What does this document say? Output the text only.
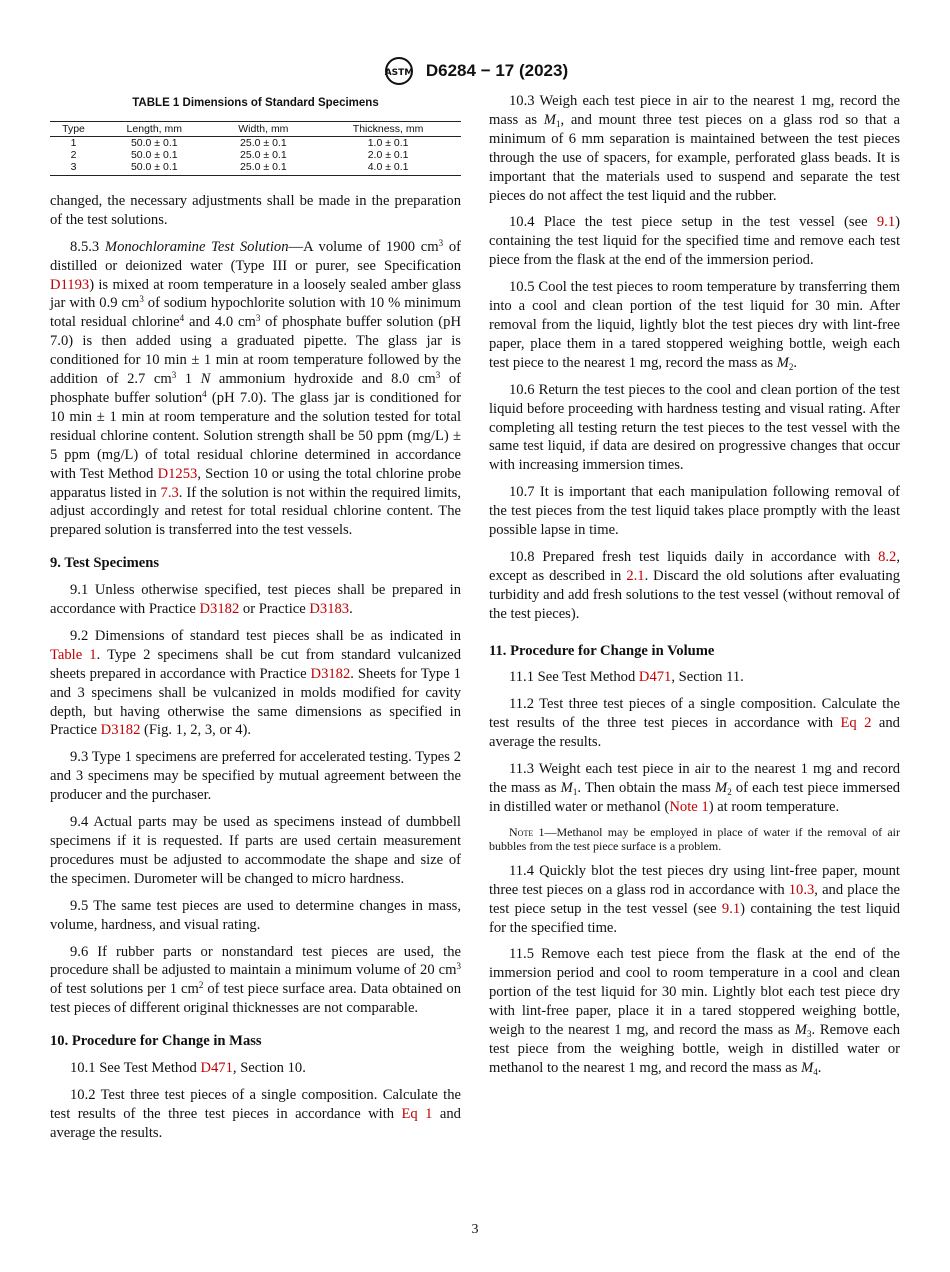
ASTM D6284 − 17 (2023)
TABLE 1 Dimensions of Standard Specimens
Type	Length, mm	Width, mm	Thickness, mm
1	50.0 ± 0.1	25.0 ± 0.1	1.0 ± 0.1
2	50.0 ± 0.1	25.0 ± 0.1	2.0 ± 0.1
3	50.0 ± 0.1	25.0 ± 0.1	4.0 ± 0.1

changed, the necessary adjustments shall be made in the preparation of the test solutions.

8.5.3 Monochloramine Test Solution—A volume of 1900 $cm^3$ of distilled or deionized water (Type III or purer, see Specification D1193) is mixed at room temperature in a loosely sealed amber glass jar with 0.9 $cm^3$ of sodium hypochlorite solution with 10 % minimum total residual chlorine$^4$ and 4.0 $cm^3$ of phosphate buffer solution (pH 7.0) is then added using a graduated pipette. The glass jar is conditioned for 10 min ± 1 min at room temperature followed by the addition of 2.7 $cm^3$ 1 N ammonium hydroxide and 8.0 $cm^3$ of phosphate buffer solution$^4$ (pH 7.0). The glass jar is conditioned for 10 min ± 1 min at room temperature and the solution tested for total residual chlorine content. Solution strength shall be 50 ppm (mg/L) ± 5 ppm (mg/L) of total residual chlorine determined in accordance with Test Method D1253, Section 10 or using the total chlorine probe apparatus listed in 7.3. If the solution is not within the required limits, adjust accordingly and retest for total residual chlorine content. The prepared solution is transferred into the test vessels.

9. Test Specimens

9.1 Unless otherwise specified, test pieces shall be prepared in accordance with Practice D3182 or Practice D3183.

9.2 Dimensions of standard test pieces shall be as indicated in Table 1. Type 2 specimens shall be cut from standard vulcanized sheets prepared in accordance with Practice D3182. Sheets for Type 1 and 3 specimens shall be vulcanized in molds modified for cavity depth, but having otherwise the same dimensions as specified in Practice D3182 (Fig. 1, 2, 3, or 4).

9.3 Type 1 specimens are preferred for accelerated testing. Types 2 and 3 specimens may be specified by mutual agreement between the producer and the purchaser.

9.4 Actual parts may be used as specimens instead of dumbbell specimens if it is requested. If parts are used certain measurement procedures must be adjusted to accommodate the shape and size of the specimen. Durometer will be changed to micro hardness.

9.5 The same test pieces are used to determine changes in mass, volume, hardness, and visual rating.

9.6 If rubber parts or nonstandard test pieces are used, the procedure shall be adjusted to maintain a minimum volume of 20 $cm^3$ of test solutions per 1 $cm^2$ of test piece surface area. Data obtained on test pieces of different original thicknesses are not comparable.

10. Procedure for Change in Mass

10.1 See Test Method D471, Section 10.

10.2 Test three test pieces of a single composition. Calculate the test results of the three test pieces in accordance with Eq 1 and average the results.

10.3 Weigh each test piece in air to the nearest 1 mg, record the mass as $M_1$, and mount three test pieces on a glass rod so that a minimum of 6 mm separation is maintained between the test pieces through the use of spacers, for example, perforated glass beads. It is important that the materials used to suspend and separate the test pieces do not affect the test liquid and the rubber.

10.4 Place the test piece setup in the test vessel (see 9.1) containing the test liquid for the specified time and remove each test piece from the flask at the end of the immersion period.

10.5 Cool the test pieces to room temperature by transferring them into a cool and clean portion of the test liquid for 30 min. After removal from the liquid, lightly blot the test pieces dry with lint-free paper, place them in a tared stoppered weighing bottle, weigh each test piece to the nearest 1 mg, record the mass as $M_2$.

10.6 Return the test pieces to the cool and clean portion of the test liquid before proceeding with hardness testing and visual rating. After completing all testing return the test pieces to the test vessel with the same test liquid, if data are desired on progressive changes that occur with increasing immersion times.

10.7 It is important that each manipulation following removal of the test pieces from the test liquid takes place promptly with the least possible lapse in time.

10.8 Prepared fresh test liquids daily in accordance with 8.2, except as described in 2.1. Discard the old solutions after evaluating turbidity and add fresh solutions to the test vessel (without removal of the test pieces).

11. Procedure for Change in Volume

11.1 See Test Method D471, Section 11.

11.2 Test three test pieces of a single composition. Calculate the test results of the three test pieces in accordance with Eq 2 and average the results.

11.3 Weight each test piece in air to the nearest 1 mg and record the mass as $M_1$. Then obtain the mass $M_2$ of each test piece immersed in distilled water or methanol (Note 1) at room temperature.

Note 1—Methanol may be employed in place of water if the removal of air bubbles from the test piece surface is a problem.

11.4 Quickly blot the test pieces dry using lint-free paper, mount three test pieces on a glass rod in accordance with 10.3, and place the test piece setup in the test vessel (see 9.1) containing the test liquid for the specified time.

11.5 Remove each test piece from the flask at the end of the immersion period and cool to room temperature in a cool and clean portion of the test liquid for 30 min. Lightly blot each test piece dry with lint-free paper, place it in a tared stoppered weighing bottle, weigh to the nearest 1 mg, and record the mass as $M_3$. Remove each test piece from the weighing bottle, weigh in distilled water or methanol to the nearest 1 mg, and record the mass as $M_4$.

3
